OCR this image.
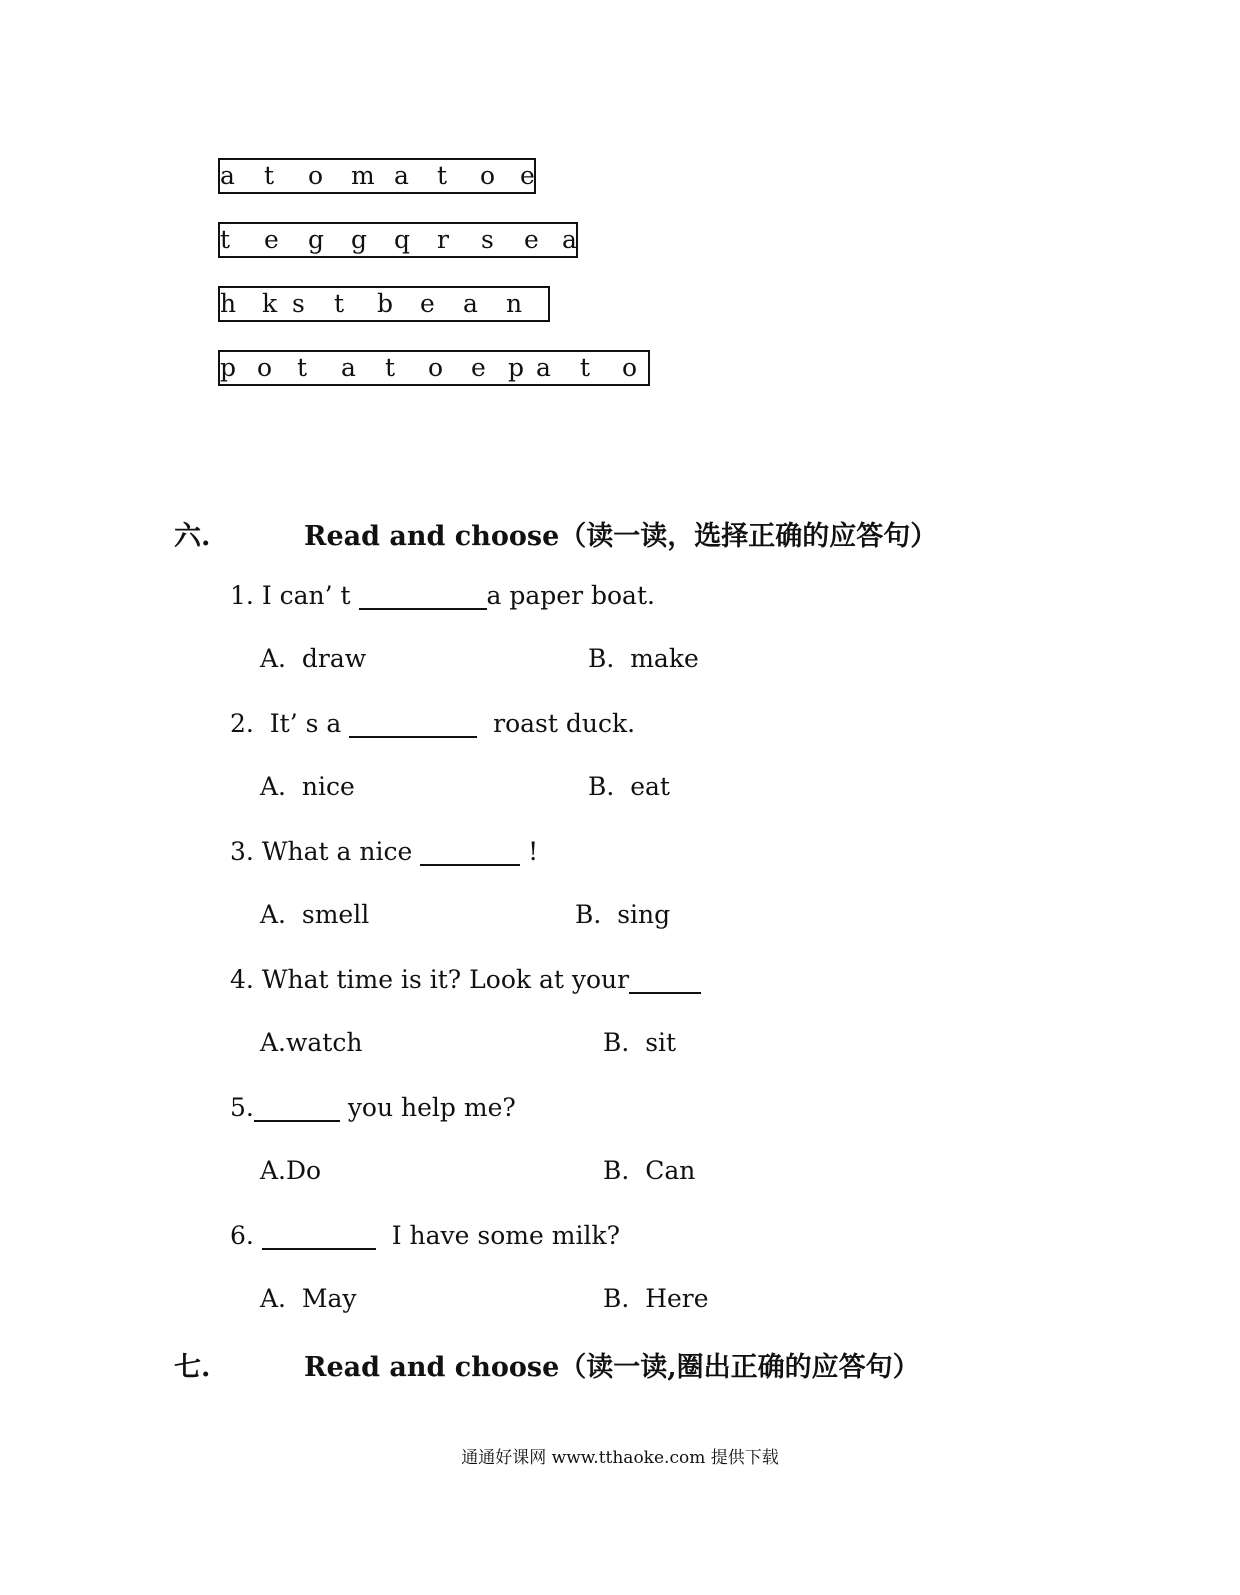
a	t	o	m a	t	o e
t	e	g	g	q	r	s	e a
h	k s	t	b	e	a	n
p o t	a	t	o	e p a	t	o
六.	Read and choose（读一读，选择正确的应答句）
1. I can’ t	a paper boat.
A.  draw	B.  make
2. It’ s a	roast duck.
A.  nice	B.  eat
3. What a nice	!
A.  smell	B.  sing
4. What time is it? Look at your
A.watch	B.  sit
5.	you help me?
A.Do	B.  Can
6.	I have some milk?
A.  May	B.  Here
七.	Read and choose（读一读,圈出正确的应答句）
通通好课网 www.tthaoke.com 提供下载
